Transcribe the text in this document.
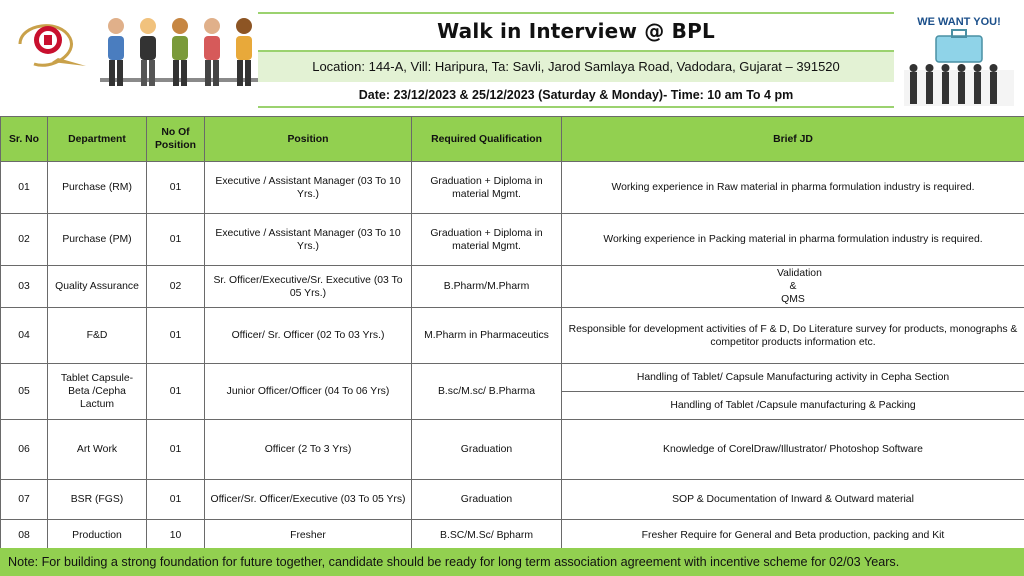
Walk in Interview @ BPL
Location: 144-A, Vill: Haripura, Ta: Savli, Jarod Samlaya Road, Vadodara, Gujarat – 391520
Date: 23/12/2023 & 25/12/2023 (Saturday & Monday)- Time: 10 am To 4 pm
WE WANT YOU!
Sr. No	Department	No Of Position	Position	Required Qualification	Brief JD
01	Purchase (RM)	01	Executive / Assistant Manager (03 To 10 Yrs.)	Graduation + Diploma in material Mgmt.	Working experience in Raw material in pharma formulation industry is required.
02	Purchase (PM)	01	Executive / Assistant Manager (03 To 10 Yrs.)	Graduation + Diploma in material Mgmt.	Working experience in Packing material in pharma formulation industry is required.
03	Quality Assurance	02	Sr. Officer/Executive/Sr. Executive (03 To 05 Yrs.)	B.Pharm/M.Pharm	Validation & QMS
04	F&D	01	Officer/ Sr. Officer (02 To 03 Yrs.)	M.Pharm in Pharmaceutics	Responsible for development activities of F & D, Do Literature survey for products, monographs & competitor products information etc.
05	Tablet Capsule-Beta /Cepha Lactum	01	Junior Officer/Officer (04 To 06 Yrs)	B.sc/M.sc/ B.Pharma	Handling of Tablet/ Capsule Manufacturing activity in Cepha Section
Handling of Tablet /Capsule manufacturing & Packing

06	Art Work	01	Officer (2 To 3 Yrs)	Graduation	Knowledge of CorelDraw/Illustrator/ Photoshop Software
07	BSR (FGS)	01	Officer/Sr. Officer/Executive (03 To 05 Yrs)	Graduation	SOP & Documentation of Inward & Outward material
08	Production	10	Fresher	B.SC/M.Sc/ Bpharm	Fresher Require for General and Beta production, packing and Kit
Note: For building a strong foundation for future together, candidate should be ready for long term association agreement with incentive scheme for 02/03 Years.
